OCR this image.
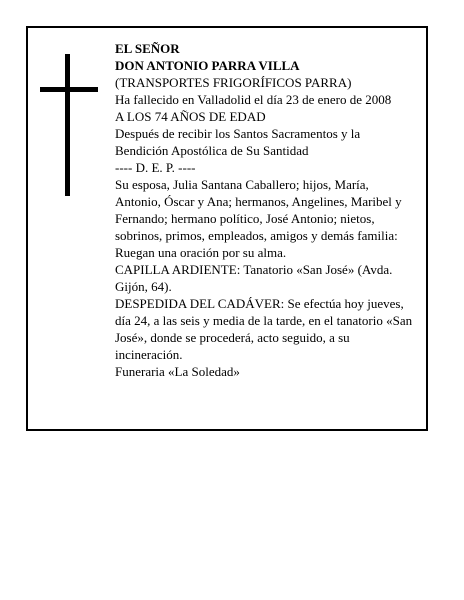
EL SEÑOR
DON ANTONIO PARRA VILLA
(TRANSPORTES FRIGORÍFICOS PARRA)
Ha fallecido en Valladolid el día 23 de enero de 2008
A LOS 74 AÑOS DE EDAD
Después de recibir los Santos Sacramentos y la
Bendición Apostólica de Su Santidad
---- D. E. P. ----
Su esposa, Julia Santana Caballero; hijos, María,
Antonio, Óscar y Ana; hermanos, Angelines, Maribel y
Fernando; hermano político, José Antonio; nietos,
sobrinos, primos, empleados, amigos y demás familia:
Ruegan una oración por su alma.
CAPILLA ARDIENTE: Tanatorio «San José» (Avda.
Gijón, 64).
DESPEDIDA DEL CADÁVER: Se efectúa hoy jueves,
día 24, a las seis y media de la tarde, en el tanatorio «San
José», donde se procederá, acto seguido, a su
incineración.
Funeraria «La Soledad»
